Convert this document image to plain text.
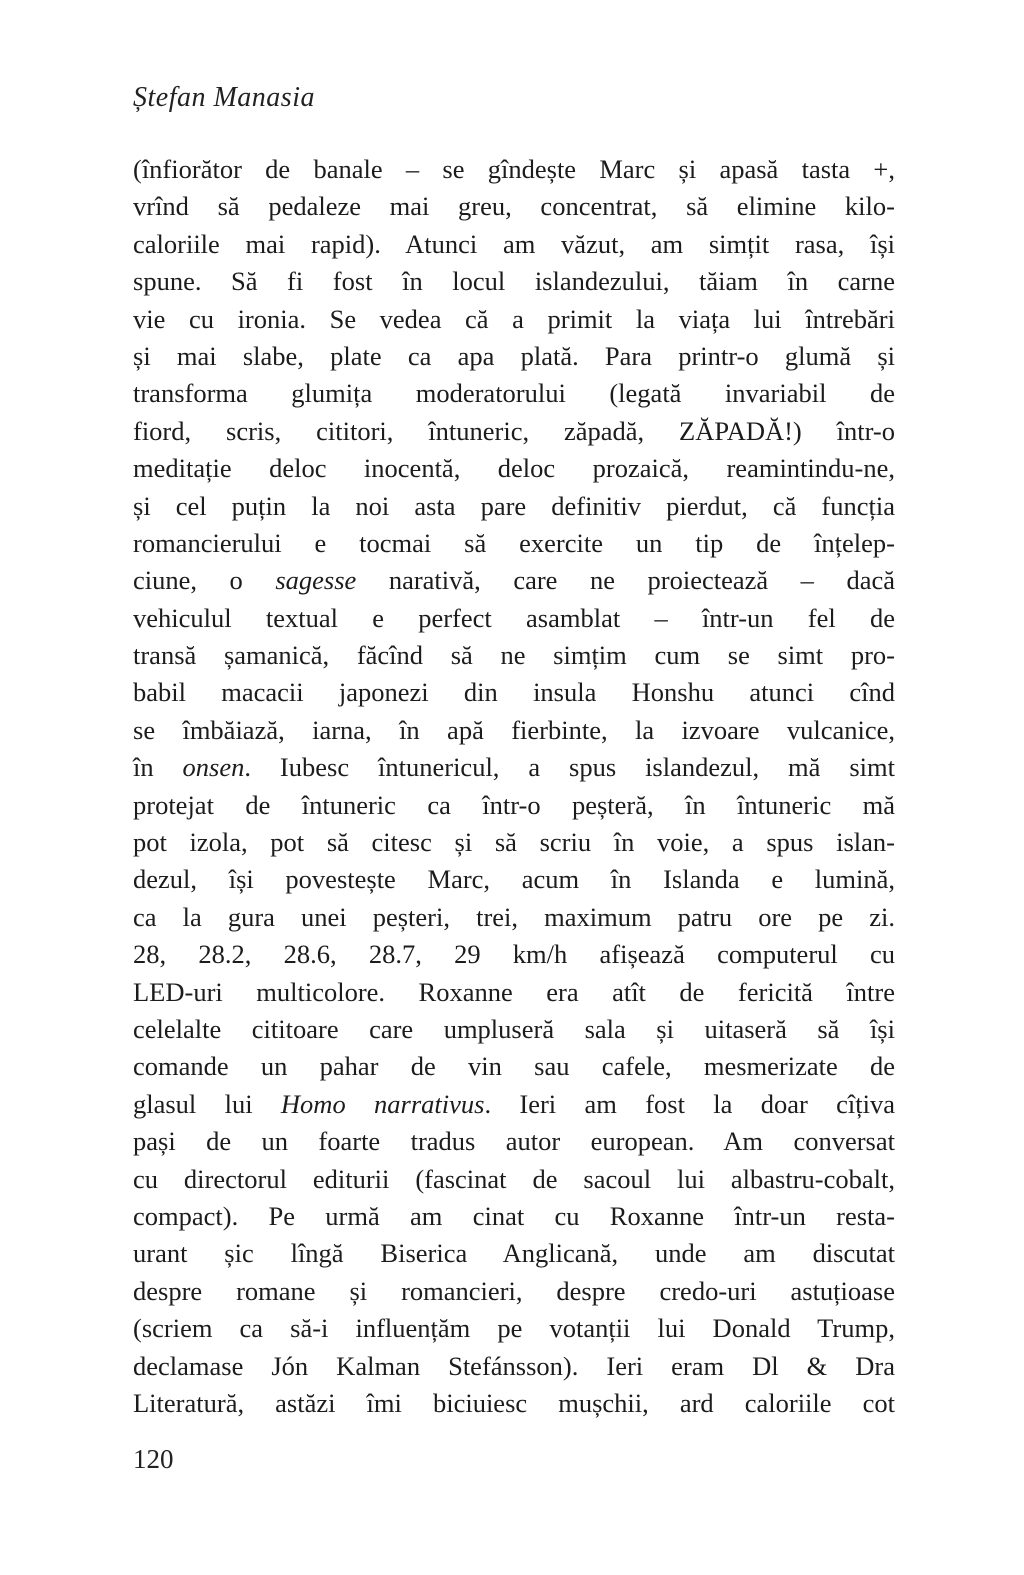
Ștefan Manasia
(înfiorător de banale – se gîndește Marc și apasă tasta +,
vrînd să pedaleze mai greu, concentrat, să elimine kilo-
caloriile mai rapid). Atunci am văzut, am simțit rasa, își
spune. Să fi fost în locul islandezului, tăiam în carne
vie cu ironia. Se vedea că a primit la viața lui întrebări
și mai slabe, plate ca apa plată. Para printr-o glumă și
transforma glumița moderatorului (legată invariabil de
fiord, scris, cititori, întuneric, zăpadă, ZĂPADĂ!) într-o
meditație deloc inocentă, deloc prozaică, reamintindu-ne,
și cel puțin la noi asta pare definitiv pierdut, că funcția
romancierului e tocmai să exercite un tip de înțelep-
ciune, o sagesse narativă, care ne proiectează – dacă
vehiculul textual e perfect asamblat – într-un fel de
transă șamanică, făcînd să ne simțim cum se simt pro-
babil macacii japonezi din insula Honshu atunci cînd
se îmbăiază, iarna, în apă fierbinte, la izvoare vulcanice,
în onsen. Iubesc întunericul, a spus islandezul, mă simt
protejat de întuneric ca într-o peșteră, în întuneric mă
pot izola, pot să citesc și să scriu în voie, a spus islan-
dezul, își povestește Marc, acum în Islanda e lumină,
ca la gura unei peșteri, trei, maximum patru ore pe zi.
28, 28.2, 28.6, 28.7, 29 km/h afișează computerul cu
LED-uri multicolore. Roxanne era atît de fericită între
celelalte cititoare care umpluseră sala și uitaseră să își
comande un pahar de vin sau cafele, mesmerizate de
glasul lui Homo narrativus. Ieri am fost la doar cîțiva
pași de un foarte tradus autor european. Am conversat
cu directorul editurii (fascinat de sacoul lui albastru-cobalt,
compact). Pe urmă am cinat cu Roxanne într-un resta-
urant șic lîngă Biserica Anglicană, unde am discutat
despre romane și romancieri, despre credo-uri astuțioase
(scriem ca să-i influențăm pe votanții lui Donald Trump,
declamase Jón Kalman Stefánsson). Ieri eram Dl & Dra
Literatură, astăzi îmi biciuiesc mușchii, ard caloriile cot
120
